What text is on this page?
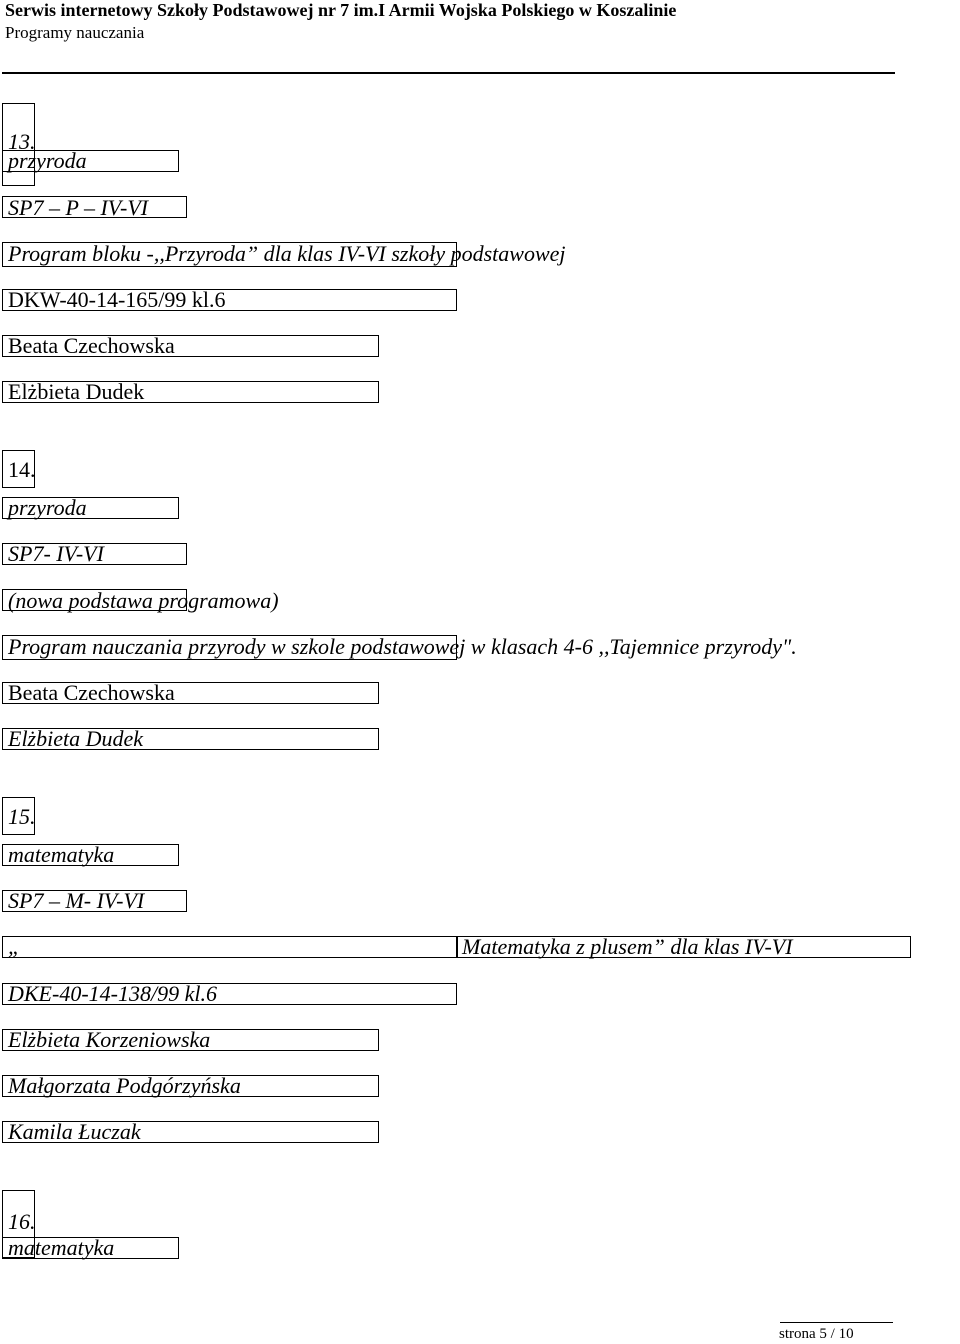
Serwis internetowy Szkoły Podstawowej nr 7 im.I Armii Wojska Polskiego w Koszalinie
Programy nauczania
13.
przyroda
SP7 – P – IV-VI
Program bloku -,,Przyroda” dla klas IV-VI szkoły podstawowej
DKW-40-14-165/99 kl.6
Beata Czechowska
Elżbieta Dudek
14.
przyroda
SP7- IV-VI
(nowa podstawa programowa)
Program nauczania przyrody w szkole podstawowej w klasach 4-6 ,,Tajemnice przyrody".
Beata Czechowska
Elżbieta Dudek
15.
matematyka
SP7 – M- IV-VI
„	Matematyka z plusem” dla klas IV-VI
DKE-40-14-138/99 kl.6
Elżbieta Korzeniowska
Małgorzata Podgórzyńska
Kamila Łuczak
16.
matematyka
strona 5 / 10
